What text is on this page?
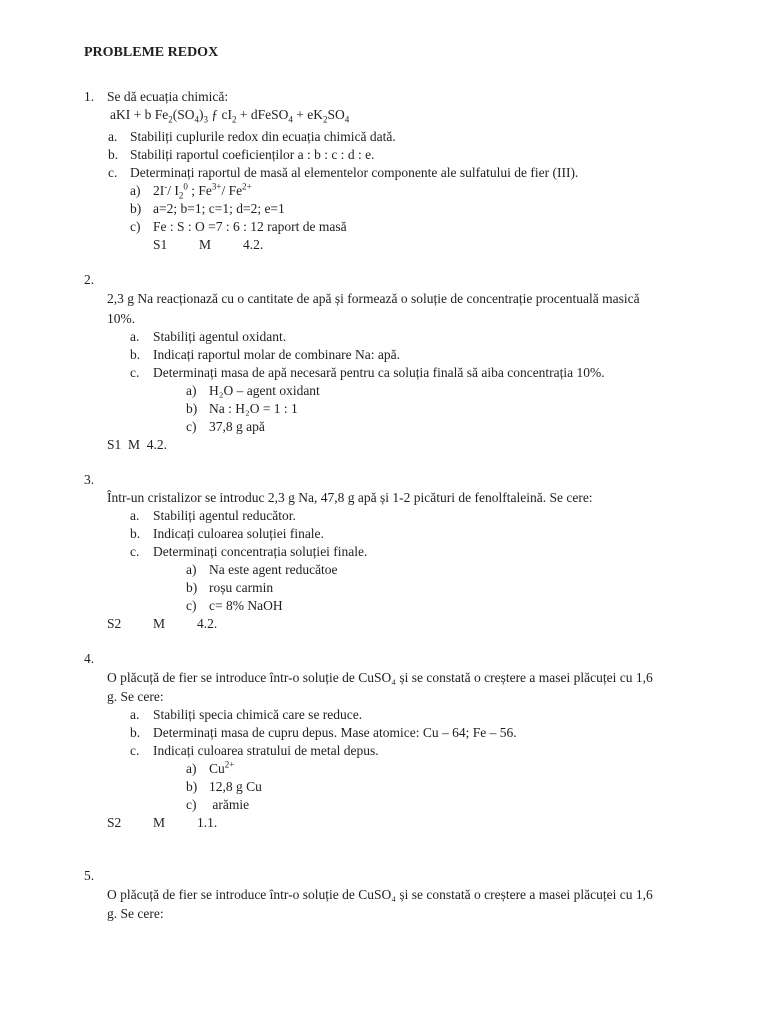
PROBLEME REDOX
1. Se dă ecuația chimică:
aKI + b $Fe_2(SO_4)_3$ ƒ $cI_2$ + dFeSO$_4$ + $eK_2SO_4$
a. Stabiliți cuplurile redox din ecuația chimică dată.
b. Stabiliți raportul coeficienților a : b : c : d : e.
c. Determinați raportul de masă al elementelor componente ale sulfatului de fier (III).
a) 2I-/ $I_2^0$ ; $Fe^{3+}/$ $Fe^{2+}$
b) a=2; b=1; c=1; d=2; e=1
c) Fe : S : O =7 : 6 : 12 raport de masă
S1 M 4.2.
2.
2,3 g Na reacționază cu o cantitate de apă și formează o soluție de concentrație procentuală masică
10%.
a. Stabiliți agentul oxidant.
b. Indicați raportul molar de combinare Na: apă.
c. Determinați masa de apă necesară pentru ca soluția finală să aiba concentrația 10%.
a) H₂O – agent oxidant
b) Na : H₂O = 1 : 1
c) 37,8 g apă
S1  M  4.2.
3.
Într-un cristalizor se introduc 2,3 g Na, 47,8 g apă și 1-2 picături de fenolftaleină. Se cere:
a. Stabiliți agentul reducător.
b. Indicați culoarea soluției finale.
c. Determinați concentrația soluției finale.
a) Na este agent reducătoe
b) roșu carmin
c) c= 8% NaOH
S2 M 4.2.
4.
O plăcuță de fier se introduce într-o soluție de CuSO₄ și se constată o creștere a masei plăcuței cu 1,6
g. Se cere:
a. Stabiliți specia chimică care se reduce.
b. Determinați masa de cupru depus. Mase atomice: Cu – 64; Fe – 56.
c. Indicați culoarea stratului de metal depus.
a) $Cu^{2+}$
b) 12,8 g Cu
c) arămie
S2 M 1.1.
5.
O plăcuță de fier se introduce într-o soluție de CuSO₄ și se constată o creștere a masei plăcuței cu 1,6
g. Se cere:
